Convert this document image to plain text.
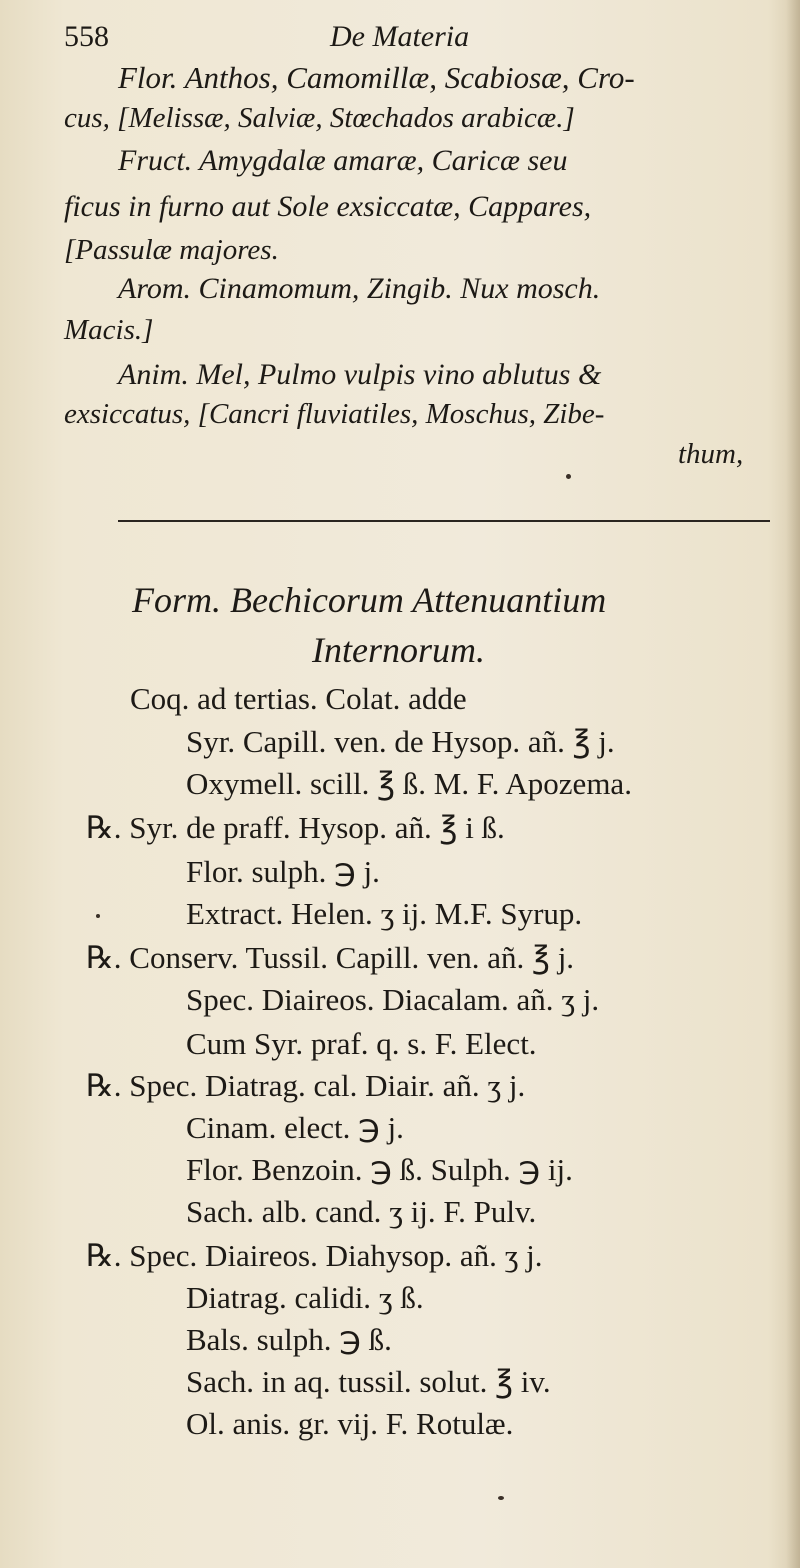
558	De Materia
Flor. Anthos, Camomillæ, Scabiosæ, Cro-
cus, [Melissæ, Salviæ, Stœchados arabicæ.]
Fruct. Amygdalæ amaræ, Caricæ seu
ficus in furno aut Sole exsiccatæ, Cappares,
[Passulæ majores.
Arom. Cinamomum, Zingib. Nux mosch.
Macis.]
Anim. Mel, Pulmo vulpis vino ablutus &
exsiccatus, [Cancri fluviatiles, Moschus, Zibe-
thum,
Form. Bechicorum Attenuantium
Internorum.
Coq. ad tertias. Colat. adde
Syr. Capill. ven. de Hysop. añ. ℥ j.
Oxymell. scill. ℥ ß. M. F. Apozema.
℞. Syr. de praff. Hysop. añ. ℥ i ß.
Flor. sulph. ℈ j.
Extract. Helen. ʒ ij. M.F. Syrup.
℞. Conserv. Tussil. Capill. ven. añ. ℥ j.
Spec. Diaireos. Diacalam. añ. ʒ j.
Cum Syr. praf. q. s. F. Elect.
℞. Spec. Diatrag. cal. Diair. añ. ʒ j.
Cinam. elect. ℈ j.
Flor. Benzoin. ℈ ß. Sulph. ℈ ij.
Sach. alb. cand. ʒ ij. F. Pulv.
℞. Spec. Diaireos. Diahysop. añ. ʒ j.
Diatrag. calidi. ʒ ß.
Bals. sulph. ℈ ß.
Sach. in aq. tussil. solut. ℥ iv.
Ol. anis. gr. vij. F. Rotulæ.
